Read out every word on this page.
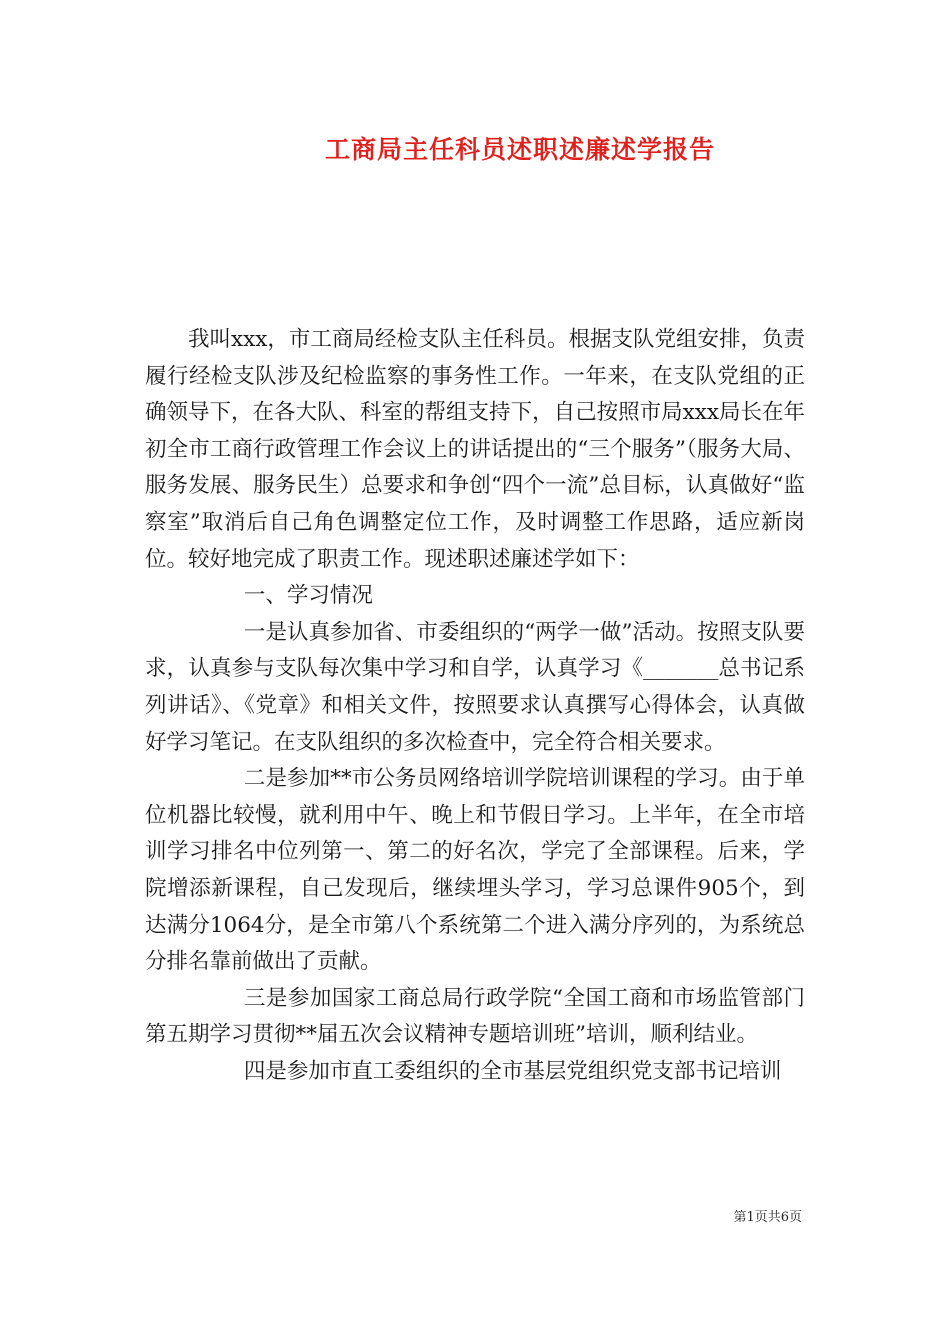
工商局主任科员述职述廉述学报告

我叫xxx，市工商局经检支队主任科员。根据支队党组安排，负责履行经检支队涉及纪检监察的事务性工作。一年来，在支队党组的正确领导下，在各大队、科室的帮组支持下，自己按照市局xxx局长在年初全市工商行政管理工作会议上的讲话提出的“三个服务”（服务大局、服务发展、服务民生）总要求和争创“四个一流”总目标，认真做好“监察室”取消后自己角色调整定位工作，及时调整工作思路，适应新岗位。较好地完成了职责工作。现述职述廉述学如下：

一、学习情况

一是认真参加省、市委组织的“两学一做”活动。按照支队要求，认真参与支队每次集中学习和自学，认真学习《_______总书记系列讲话》、《党章》和相关文件，按照要求认真撰写心得体会，认真做好学习笔记。在支队组织的多次检查中，完全符合相关要求。

二是参加**市公务员网络培训学院培训课程的学习。由于单位机器比较慢，就利用中午、晚上和节假日学习。上半年，在全市培训学习排名中位列第一、第二的好名次，学完了全部课程。后来，学院增添新课程，自己发现后，继续埋头学习，学习总课件905个，到达满分1064分，是全市第八个系统第二个进入满分序列的，为系统总分排名靠前做出了贡献。

三是参加国家工商总局行政学院“全国工商和市场监管部门第五期学习贯彻**届五次会议精神专题培训班”培训，顺利结业。

四是参加市直工委组织的全市基层党组织党支部书记培训

第1页共6页
